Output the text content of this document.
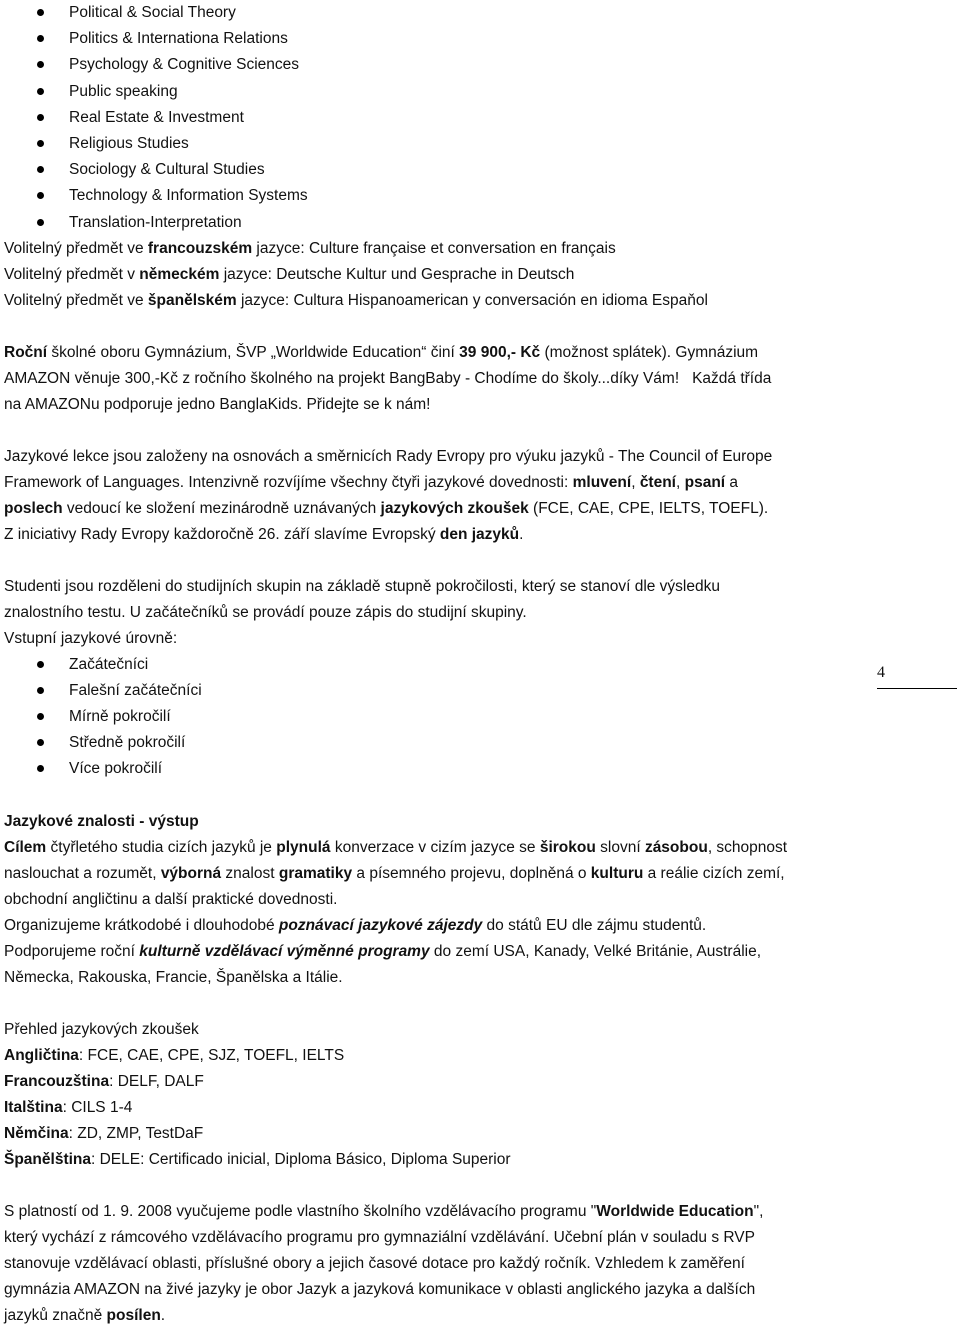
Political & Social Theory
Politics & Internationa Relations
Psychology & Cognitive Sciences
Public speaking
Real Estate & Investment
Religious Studies
Sociology & Cultural Studies
Technology & Information Systems
Translation-Interpretation
Volitelný předmět ve francouzském jazyce: Culture française et conversation en français
Volitelný předmět v německém jazyce: Deutsche Kultur und Gesprache in Deutsch
Volitelný předmět ve španělském jazyce: Cultura Hispanoamerican y conversación en idioma Espaňol
Roční školné oboru Gymnázium, ŠVP „Worldwide Education“ činí 39 900,- Kč (možnost splátek). Gymnázium
AMAZON věnuje 300,-Kč z ročního školného na projekt BangBaby - Chodíme do školy...díky Vám!   Každá třída
na AMAZONu podporuje jedno BanglaKids. Přidejte se k nám!
Jazykové lekce jsou založeny na osnovách a směrnicích Rady Evropy pro výuku jazyků - The Council of Europe
Framework of Languages. Intenzivně rozvíjíme všechny čtyři jazykové dovednosti: mluvení, čtení, psaní a
poslech vedoucí ke složení mezinárodně uznávaných jazykových zkoušek (FCE, CAE, CPE, IELTS, TOEFL).
Z iniciativy Rady Evropy každoročně 26. září slavíme Evropský den jazyků.
Studenti jsou rozděleni do studijních skupin na základě stupně pokročilosti, který se stanoví dle výsledku
znalostního testu. U začátečníků se provádí pouze zápis do studijní skupiny.
Vstupní jazykové úrovně:
Začátečníci
Falešní začátečníci
Mírně pokročilí
Středně pokročilí
Více pokročilí
Jazykové znalosti - výstup
Cílem čtyřletého studia cizích jazyků je plynulá konverzace v cizím jazyce se širokou slovní zásobou, schopnost
naslouchat a rozumět, výborná znalost gramatiky a písemného projevu, doplněná o kulturu a reálie cizích zemí,
obchodní angličtinu a další praktické dovednosti.
Organizujeme krátkodobé i dlouhodobé poznávací jazykové zájezdy do států EU dle zájmu studentů.
Podporujeme roční kulturně vzdělávací výměnné programy do zemí USA, Kanady, Velké Británie, Austrálie,
Německa, Rakouska, Francie, Španělska a Itálie.
Přehled jazykových zkoušek
Angličtina: FCE, CAE, CPE, SJZ, TOEFL, IELTS
Francouzština: DELF, DALF
Italština: CILS 1-4
Němčina: ZD, ZMP, TestDaF
Španělština: DELE: Certificado inicial, Diploma Básico, Diploma Superior
S platností od 1. 9. 2008 vyučujeme podle vlastního školního vzdělávacího programu "Worldwide Education",
který vychází z rámcového vzdělávacího programu pro gymnaziální vzdělávání. Učební plán v souladu s RVP
stanovuje vzdělávací oblasti, příslušné obory a jejich časové dotace pro každý ročník. Vzhledem k zaměření
gymnázia AMAZON na živé jazyky je obor Jazyk a jazyková komunikace v oblasti anglického jazyka a dalších
jazyků značně posílen.
4
